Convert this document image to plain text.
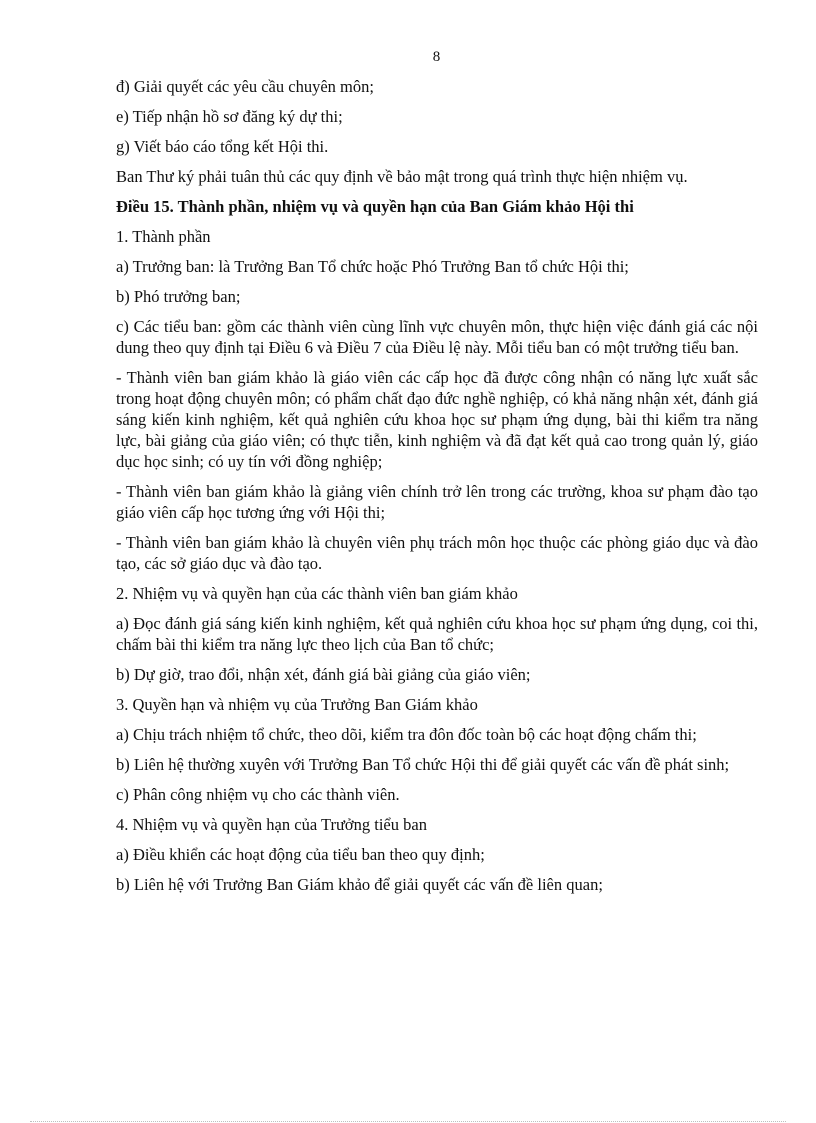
8

đ) Giải quyết các yêu cầu chuyên môn;

e) Tiếp nhận hồ sơ đăng ký dự thi;

g) Viết báo cáo tổng kết Hội thi.

Ban Thư ký phải tuân thủ các quy định về bảo mật trong quá trình thực hiện nhiệm vụ.

Điều 15. Thành phần, nhiệm vụ và quyền hạn của Ban Giám khảo Hội thi

1. Thành phần

a) Trưởng ban: là Trưởng Ban Tổ chức hoặc Phó Trưởng Ban tổ chức Hội thi;

b) Phó trưởng ban;

c) Các tiểu ban: gồm các thành viên cùng lĩnh vực chuyên môn, thực hiện việc đánh giá các nội dung theo quy định tại Điều 6 và Điều 7 của Điều lệ này. Mỗi tiểu ban có một trưởng tiểu ban.

- Thành viên ban giám khảo là giáo viên các cấp học đã được công nhận có năng lực xuất sắc trong hoạt động chuyên môn; có phẩm chất đạo đức nghề nghiệp, có khả năng nhận xét, đánh giá sáng kiến kinh nghiệm, kết quả nghiên cứu khoa học sư phạm ứng dụng, bài thi kiểm tra năng lực, bài giảng của giáo viên; có thực tiễn, kinh nghiệm và đã đạt kết quả cao trong quản lý, giáo dục học sinh; có uy tín với đồng nghiệp;

- Thành viên ban giám khảo là giảng viên chính trở lên trong các trường, khoa sư phạm đào tạo giáo viên cấp học tương ứng với Hội thi;

- Thành viên ban giám khảo là chuyên viên phụ trách môn học thuộc các phòng giáo dục và đào tạo, các sở giáo dục và đào tạo.

2. Nhiệm vụ và quyền hạn của các thành viên ban giám khảo

a) Đọc đánh giá sáng kiến kinh nghiệm, kết quả nghiên cứu khoa học sư phạm ứng dụng, coi thi, chấm bài thi kiểm tra năng lực theo lịch của Ban tổ chức;

b) Dự giờ, trao đổi, nhận xét, đánh giá bài giảng của giáo viên;

3. Quyền hạn và nhiệm vụ của Trưởng Ban Giám khảo

a) Chịu trách nhiệm tổ chức, theo dõi, kiểm tra đôn đốc toàn bộ các hoạt động chấm thi;

b) Liên hệ thường xuyên với Trưởng Ban Tổ chức Hội thi để giải quyết các vấn đề phát sinh;

c) Phân công nhiệm vụ cho các thành viên.

4. Nhiệm vụ và quyền hạn của Trưởng tiểu ban

a) Điều khiển các hoạt động của tiểu ban theo quy định;

b) Liên hệ với Trưởng Ban Giám khảo để giải quyết các vấn đề liên quan;
